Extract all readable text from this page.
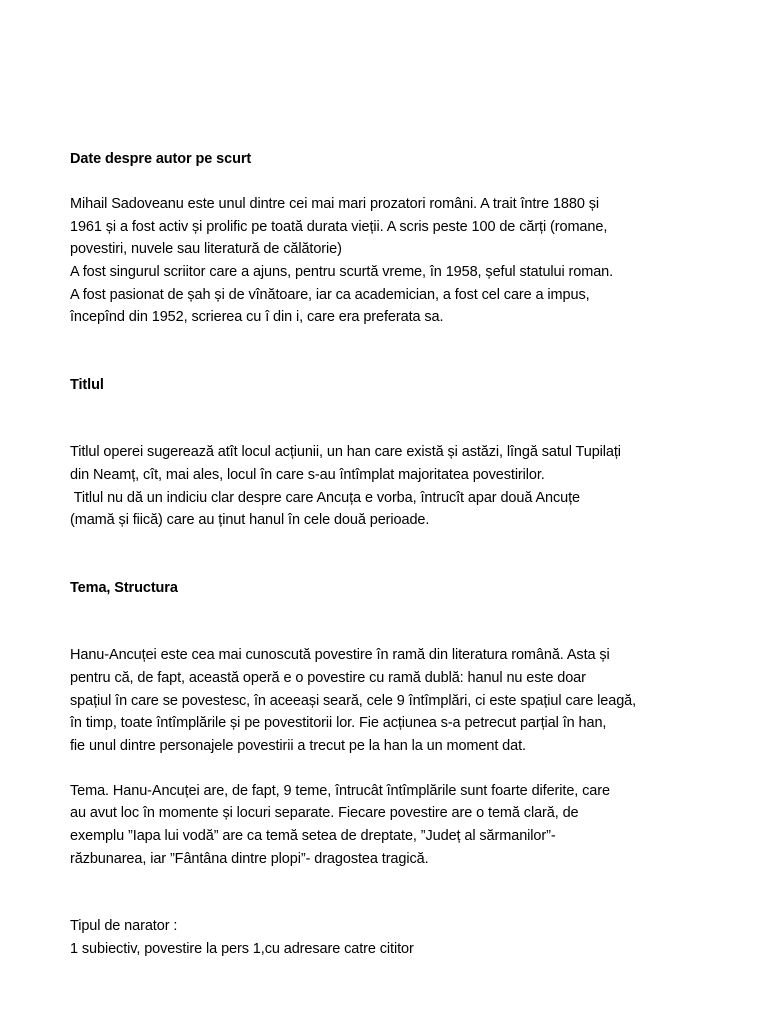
Date despre autor pe scurt

Mihail Sadoveanu este unul dintre cei mai mari prozatori români. A trait între 1880 și
1961 și a fost activ și prolific pe toată durata vieții. A scris peste 100 de cărți (romane,
povestiri, nuvele sau literatură de călătorie)
A fost singurul scriitor care a ajuns, pentru scurtă vreme, în 1958, șeful statului roman.
A fost pasionat de șah și de vînătoare, iar ca academician, a fost cel care a impus,
începînd din 1952, scrierea cu î din i, care era preferata sa.

Titlul

Titlul operei sugerează atît locul acțiunii, un han care există și astăzi, lîngă satul Tupilați
din Neamț, cît, mai ales, locul în care s-au întîmplat majoritatea povestirilor.
Titlul nu dă un indiciu clar despre care Ancuța e vorba, întrucît apar două Ancuțe
(mamă și fiică) care au ținut hanul în cele două perioade.

Tema, Structura

Hanu-Ancuței este cea mai cunoscută povestire în ramă din literatura română. Asta și
pentru că, de fapt, această operă e o povestire cu ramă dublă: hanul nu este doar
spațiul în care se povestesc, în aceeași seară, cele 9 întîmplări, ci este spațiul care leagă,
în timp, toate întîmplările și pe povestitorii lor. Fie acțiunea s-a petrecut parțial în han,
fie unul dintre personajele povestirii a trecut pe la han la un moment dat.

Tema. Hanu-Ancuței are, de fapt, 9 teme, întrucât întîmplările sunt foarte diferite, care
au avut loc în momente și locuri separate. Fiecare povestire are o temă clară, de
exemplu ”Iapa lui vodă” are ca temă setea de dreptate, ”Județ al sărmanilor”-
răzbunarea, iar ”Fântâna dintre plopi”- dragostea tragică.

Tipul de narator :
1 subiectiv, povestire la pers 1,cu adresare catre cititor
